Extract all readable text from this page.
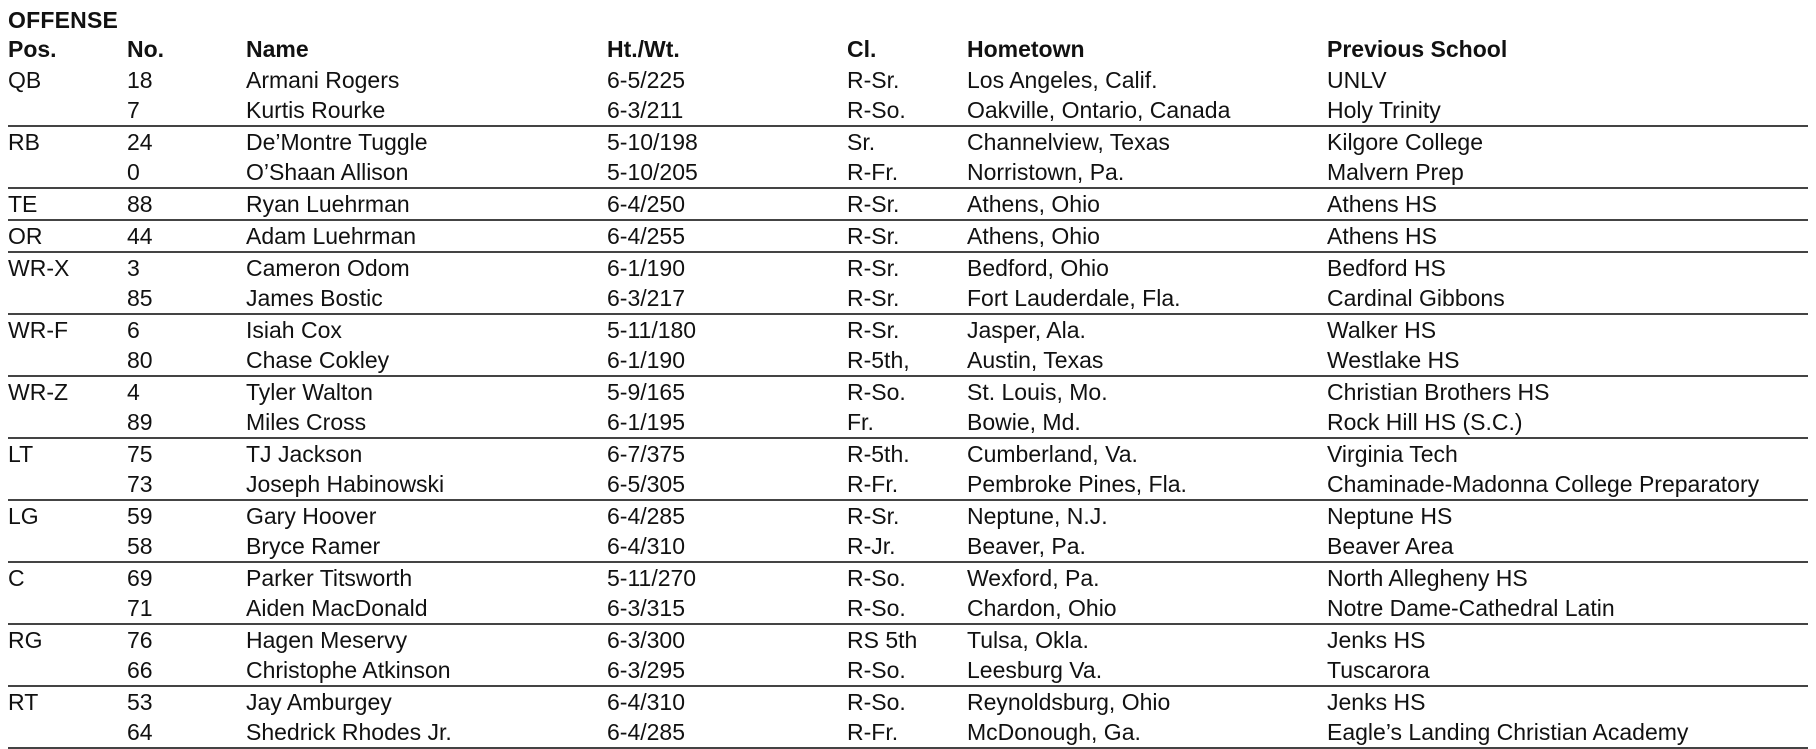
OFFENSE
Pos.	No.	Name	Ht./Wt.	Cl.	Hometown	Previous School
QB	18	Armani Rogers	6-5/225	R-Sr.	Los Angeles, Calif.	UNLV
	7	Kurtis Rourke	6-3/211	R-So.	Oakville, Ontario, Canada	Holy Trinity
RB	24	De’Montre Tuggle	5-10/198	Sr.	Channelview, Texas	Kilgore College
	0	O’Shaan Allison	5-10/205	R-Fr.	Norristown, Pa.	Malvern Prep
TE	88	Ryan Luehrman	6-4/250	R-Sr.	Athens, Ohio	Athens HS
OR	44	Adam Luehrman	6-4/255	R-Sr.	Athens, Ohio	Athens HS
WR-X	3	Cameron Odom	6-1/190	R-Sr.	Bedford, Ohio	Bedford HS
	85	James Bostic	6-3/217	R-Sr.	Fort Lauderdale, Fla.	Cardinal Gibbons
WR-F	6	Isiah Cox	5-11/180	R-Sr.	Jasper, Ala.	Walker HS
	80	Chase Cokley	6-1/190	R-5th,	Austin, Texas	Westlake HS
WR-Z	4	Tyler Walton	5-9/165	R-So.	St. Louis, Mo.	Christian Brothers HS
	89	Miles Cross	6-1/195	Fr.	Bowie, Md.	Rock Hill HS (S.C.)
LT	75	TJ Jackson	6-7/375	R-5th.	Cumberland, Va.	Virginia Tech
	73	Joseph Habinowski	6-5/305	R-Fr.	Pembroke Pines, Fla.	Chaminade-Madonna College Preparatory
LG	59	Gary Hoover	6-4/285	R-Sr.	Neptune, N.J.	Neptune HS
	58	Bryce Ramer	6-4/310	R-Jr.	Beaver, Pa.	Beaver Area
C	69	Parker Titsworth	5-11/270	R-So.	Wexford, Pa.	North Allegheny HS
	71	Aiden MacDonald	6-3/315	R-So.	Chardon, Ohio	Notre Dame-Cathedral Latin
RG	76	Hagen Meservy	6-3/300	RS 5th	Tulsa, Okla.	Jenks HS
	66	Christophe Atkinson	6-3/295	R-So.	Leesburg Va.	Tuscarora
RT	53	Jay Amburgey	6-4/310	R-So.	Reynoldsburg, Ohio	Jenks HS
	64	Shedrick Rhodes Jr.	6-4/285	R-Fr.	McDonough, Ga.	Eagle’s Landing Christian Academy
